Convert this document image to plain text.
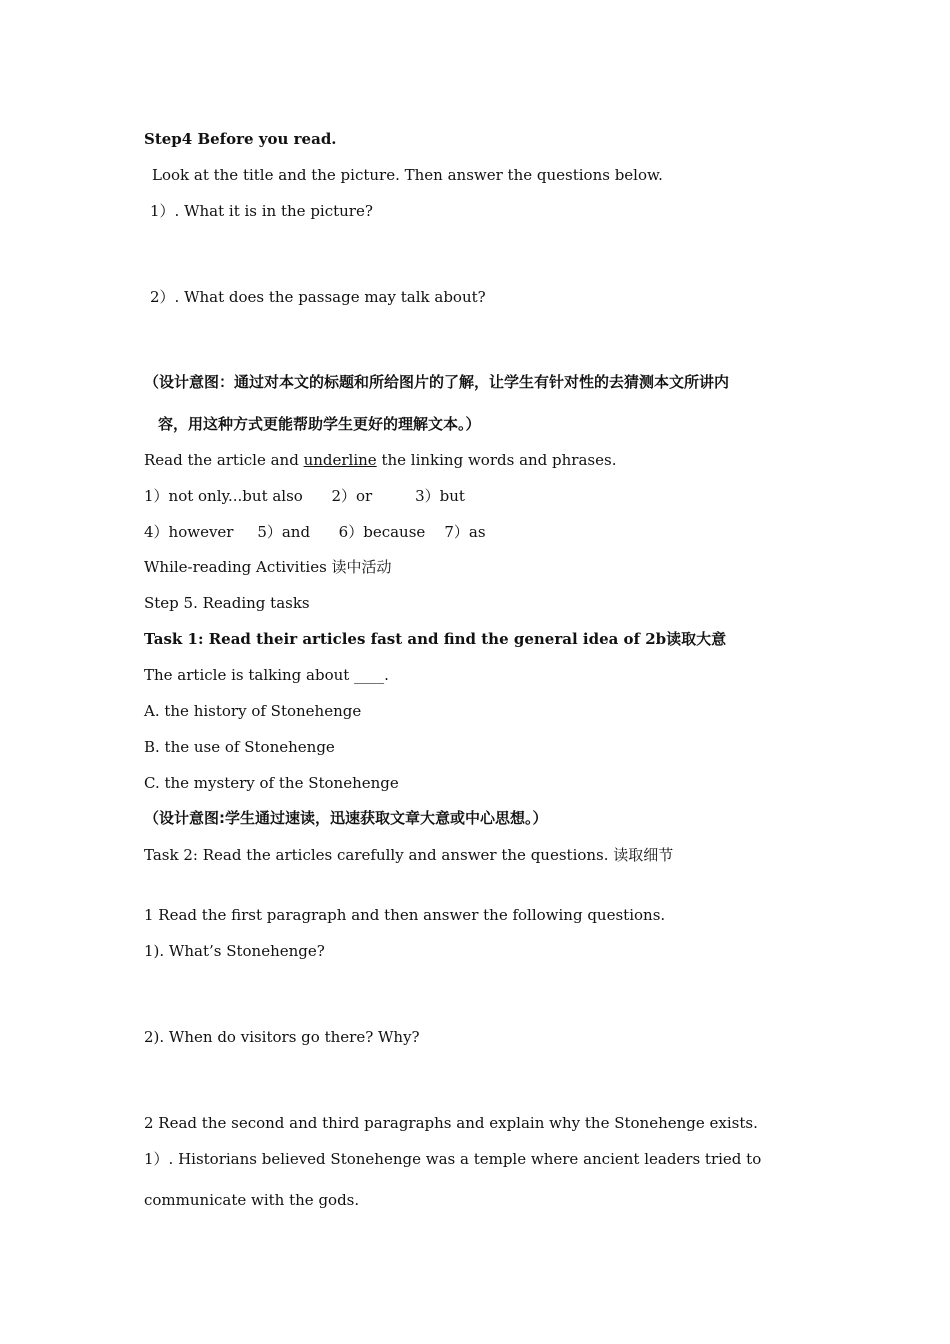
Step4 Before you read.
Look at the title and the picture. Then answer the questions below.
1）. What it is in the picture?
2）. What does the passage may talk about?
（设计意图：通过对本文的标题和所给图片的了解，让学生有针对性的去猜测本文所讲内
容，用这种方式更能帮助学生更好的理解文本。）
Read the article and underline the linking words and phrases.
1）not only...but also      2）or         3）but
4）however     5）and      6）because    7）as
While-reading Activities 读中活动
Step 5. Reading tasks
Task 1: Read their articles fast and find the general idea of 2b读取大意
The article is talking about ____.
A. the history of Stonehenge
B. the use of Stonehenge
C. the mystery of the Stonehenge
（设计意图:学生通过速读，迅速获取文章大意或中心思想。）
Task 2: Read the articles carefully and answer the questions. 读取细节
1 Read the first paragraph and then answer the following questions.
1). What’s Stonehenge?
2). When do visitors go there? Why?
2 Read the second and third paragraphs and explain why the Stonehenge exists.
1）. Historians believed Stonehenge was a temple where ancient leaders tried to
communicate with the gods.
